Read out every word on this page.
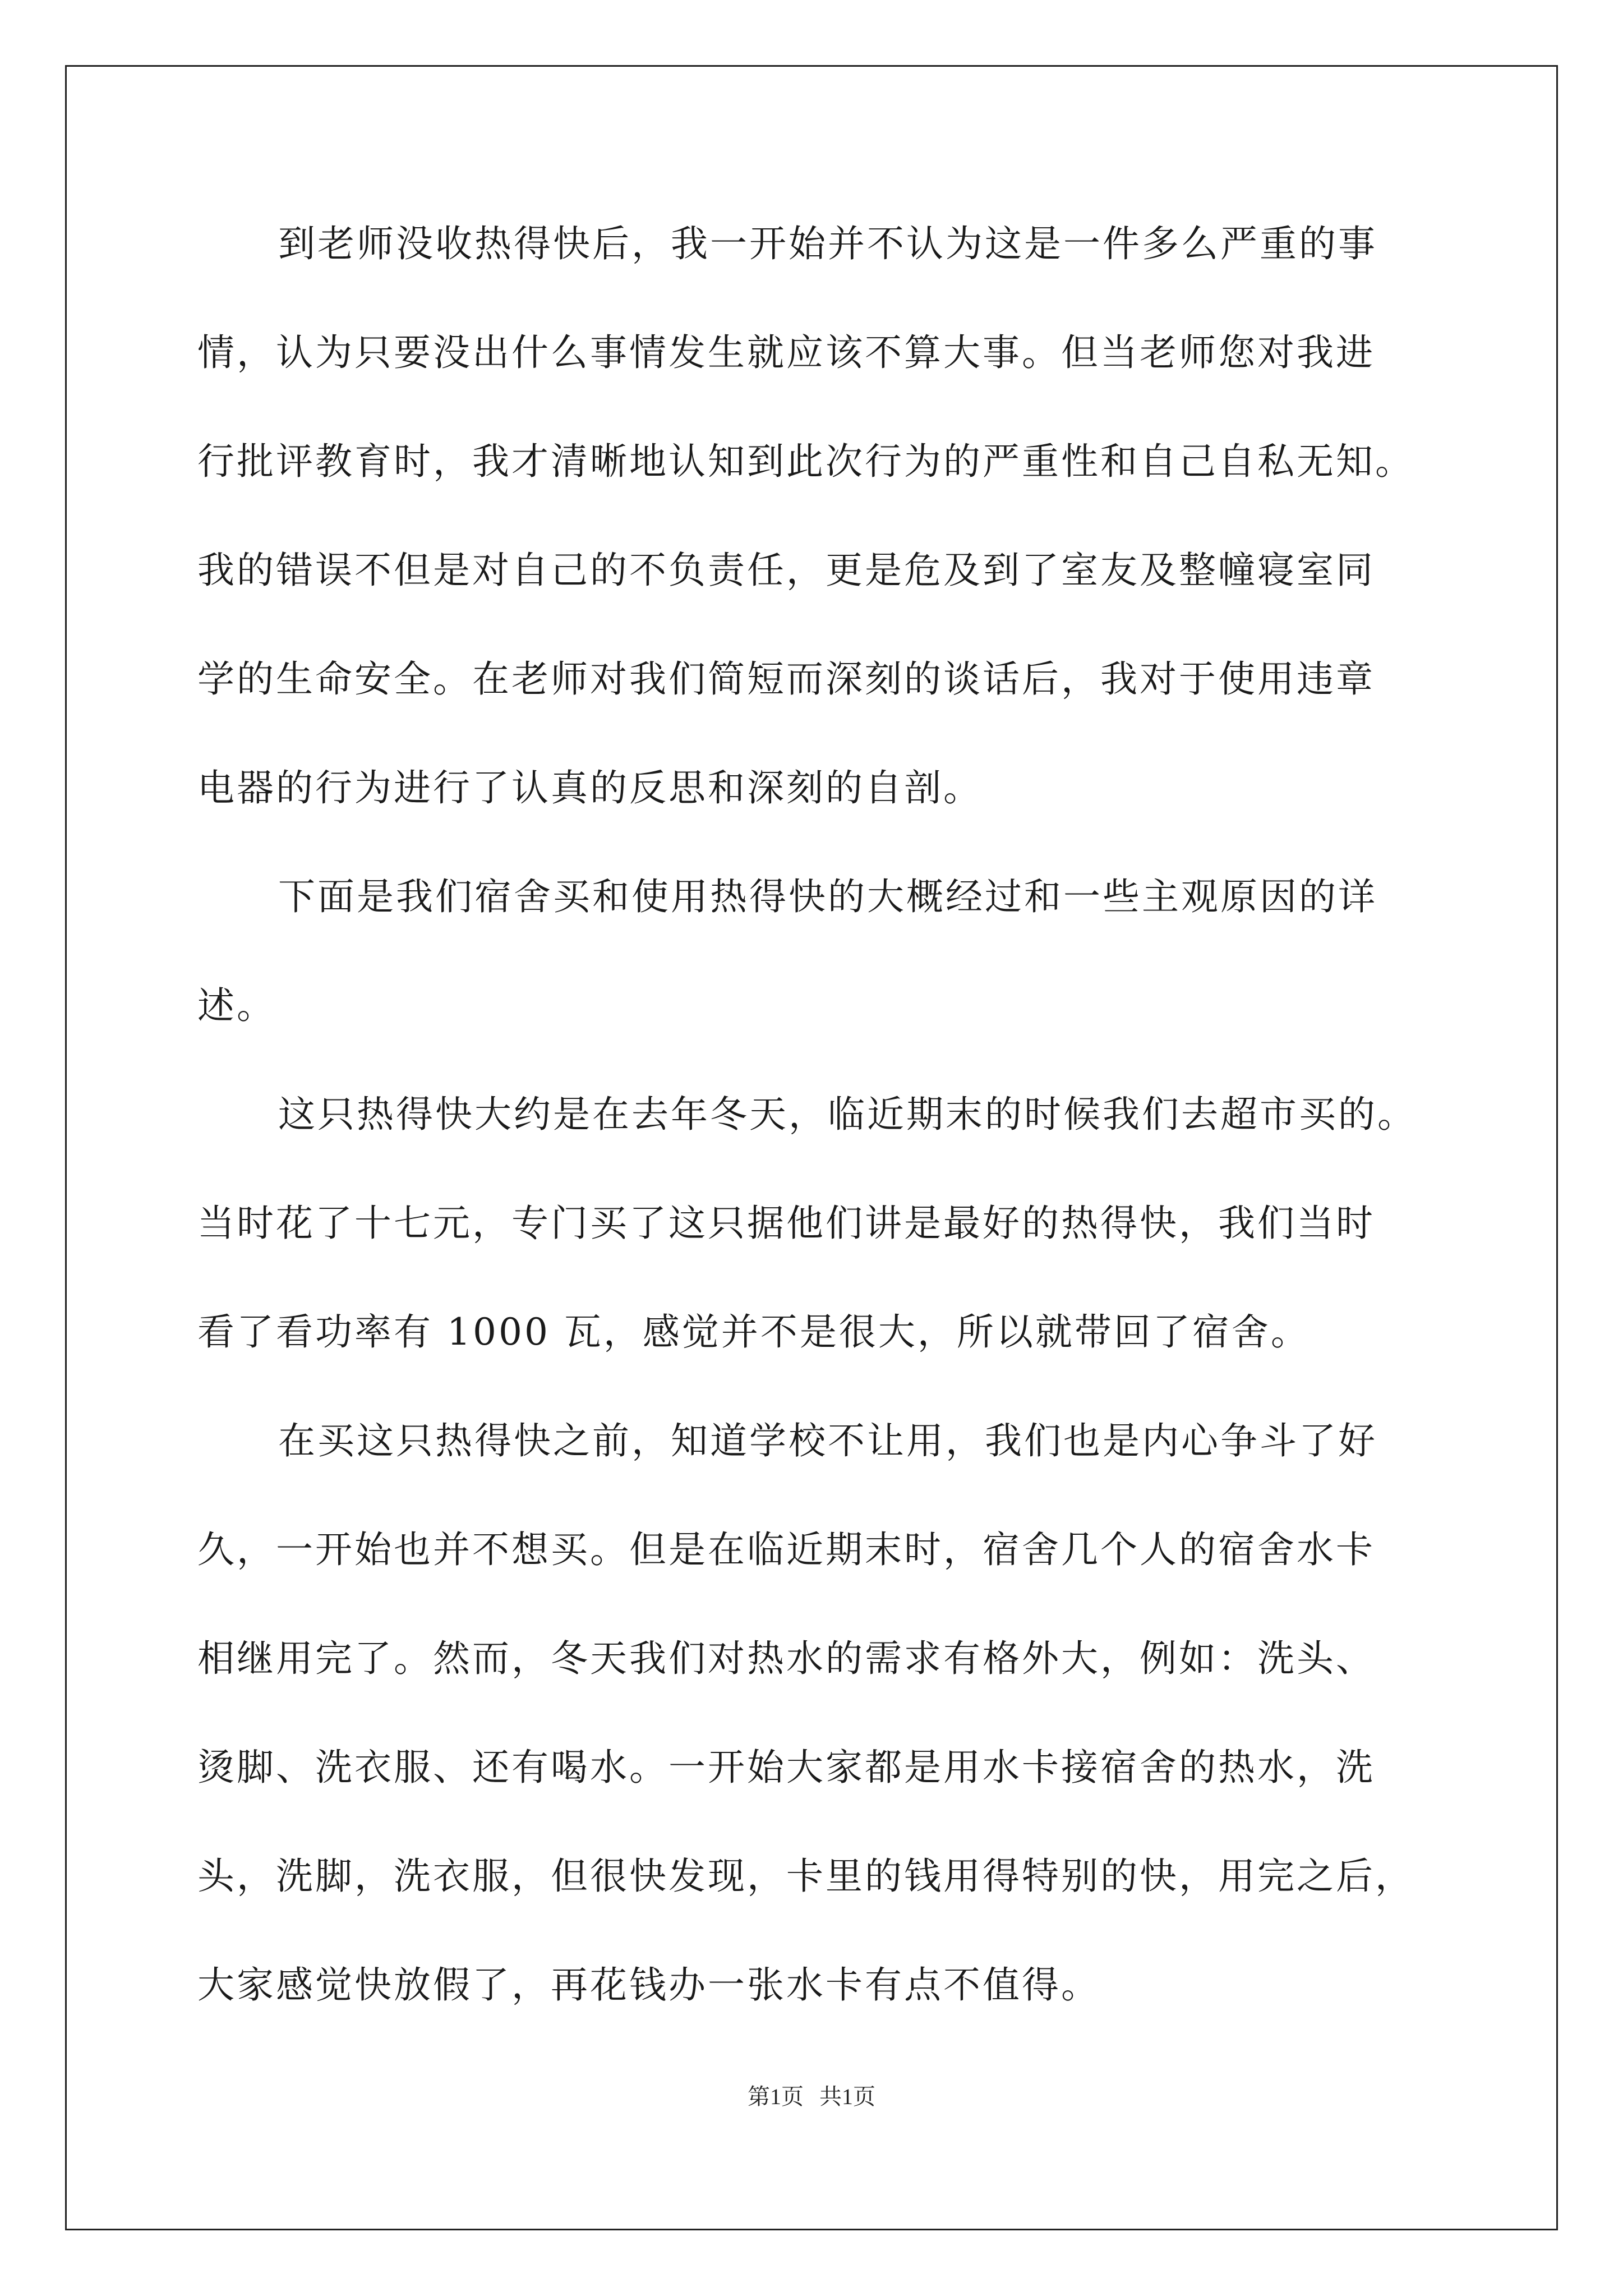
到老师没收热得快后，我一开始并不认为这是一件多么严重的事
情，认为只要没出什么事情发生就应该不算大事。但当老师您对我进
行批评教育时，我才清晰地认知到此次行为的严重性和自己自私无知。
我的错误不但是对自己的不负责任，更是危及到了室友及整幢寝室同
学的生命安全。在老师对我们简短而深刻的谈话后，我对于使用违章
电器的行为进行了认真的反思和深刻的自剖。
下面是我们宿舍买和使用热得快的大概经过和一些主观原因的详
述。
这只热得快大约是在去年冬天，临近期末的时候我们去超市买的。
当时花了十七元，专门买了这只据他们讲是最好的热得快，我们当时
看了看功率有 1000 瓦，感觉并不是很大，所以就带回了宿舍。
在买这只热得快之前，知道学校不让用，我们也是内心争斗了好
久，一开始也并不想买。但是在临近期末时，宿舍几个人的宿舍水卡
相继用完了。然而，冬天我们对热水的需求有格外大，例如：洗头、
烫脚、洗衣服、还有喝水。一开始大家都是用水卡接宿舍的热水，洗
头，洗脚，洗衣服，但很快发现，卡里的钱用得特别的快，用完之后，
大家感觉快放假了，再花钱办一张水卡有点不值得。
第1页 共1页
